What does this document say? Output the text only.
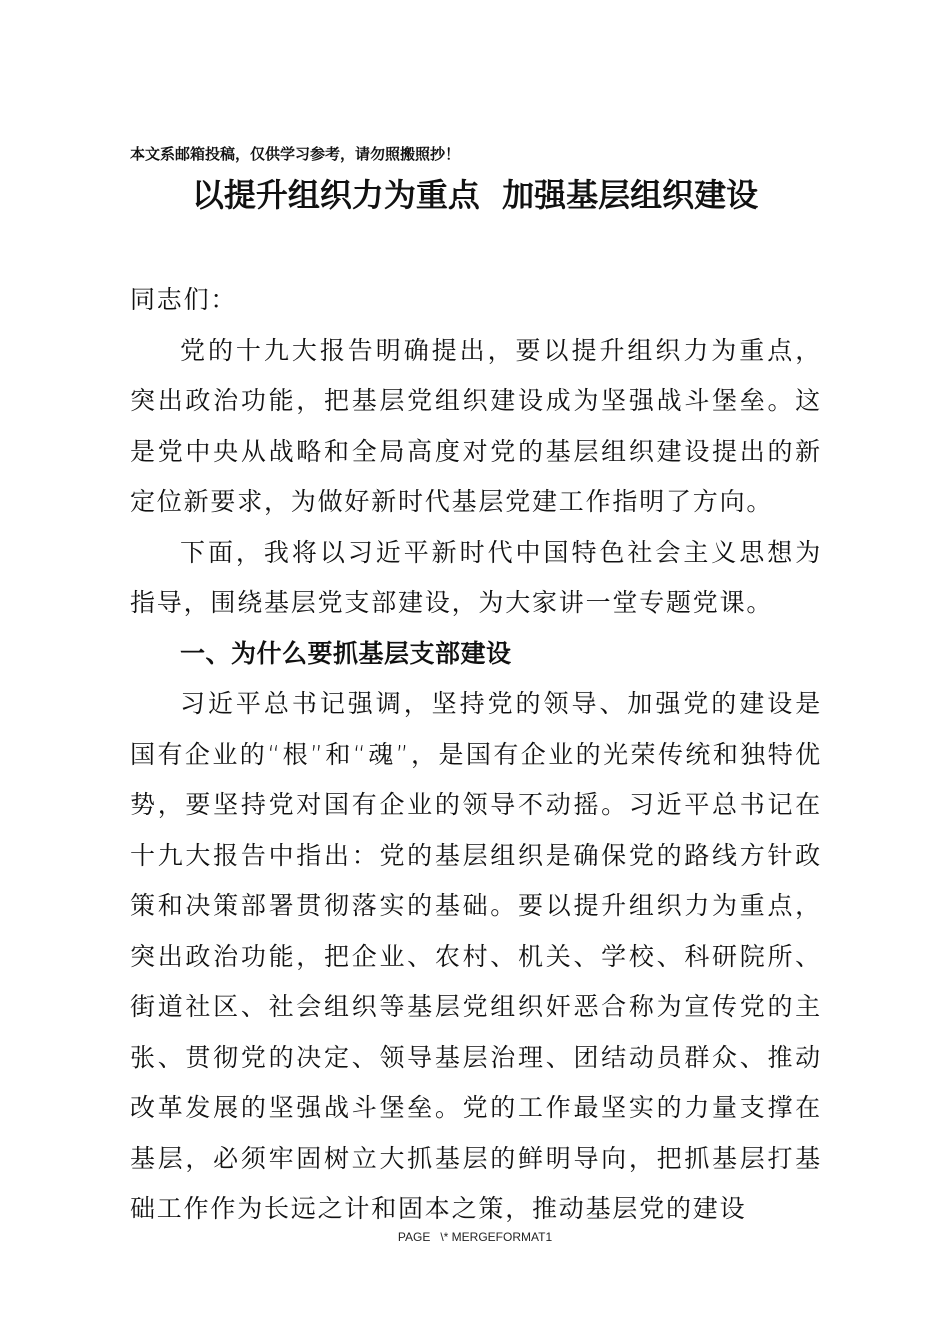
本文系邮箱投稿，仅供学习参考，请勿照搬照抄！
以提升组织力为重点  加强基层组织建设

同志们：

党的十九大报告明确提出，要以提升组织力为重点，突出政治功能，把基层党组织建设成为坚强战斗堡垒。这是党中央从战略和全局高度对党的基层组织建设提出的新定位新要求，为做好新时代基层党建工作指明了方向。

下面，我将以习近平新时代中国特色社会主义思想为指导，围绕基层党支部建设，为大家讲一堂专题党课。

一、为什么要抓基层支部建设

习近平总书记强调，坚持党的领导、加强党的建设是国有企业的“根”和“魂”，是国有企业的光荣传统和独特优势，要坚持党对国有企业的领导不动摇。习近平总书记在十九大报告中指出：党的基层组织是确保党的路线方针政策和决策部署贯彻落实的基础。要以提升组织力为重点，突出政治功能，把企业、农村、机关、学校、科研院所、街道社区、社会组织等基层党组织奸恶合称为宣传党的主张、贯彻党的决定、领导基层治理、团结动员群众、推动改革发展的坚强战斗堡垒。党的工作最坚实的力量支撑在基层，必须牢固树立大抓基层的鲜明导向，把抓基层打基础工作作为长远之计和固本之策，推动基层党的建设

PAGE   \* MERGEFORMAT1
